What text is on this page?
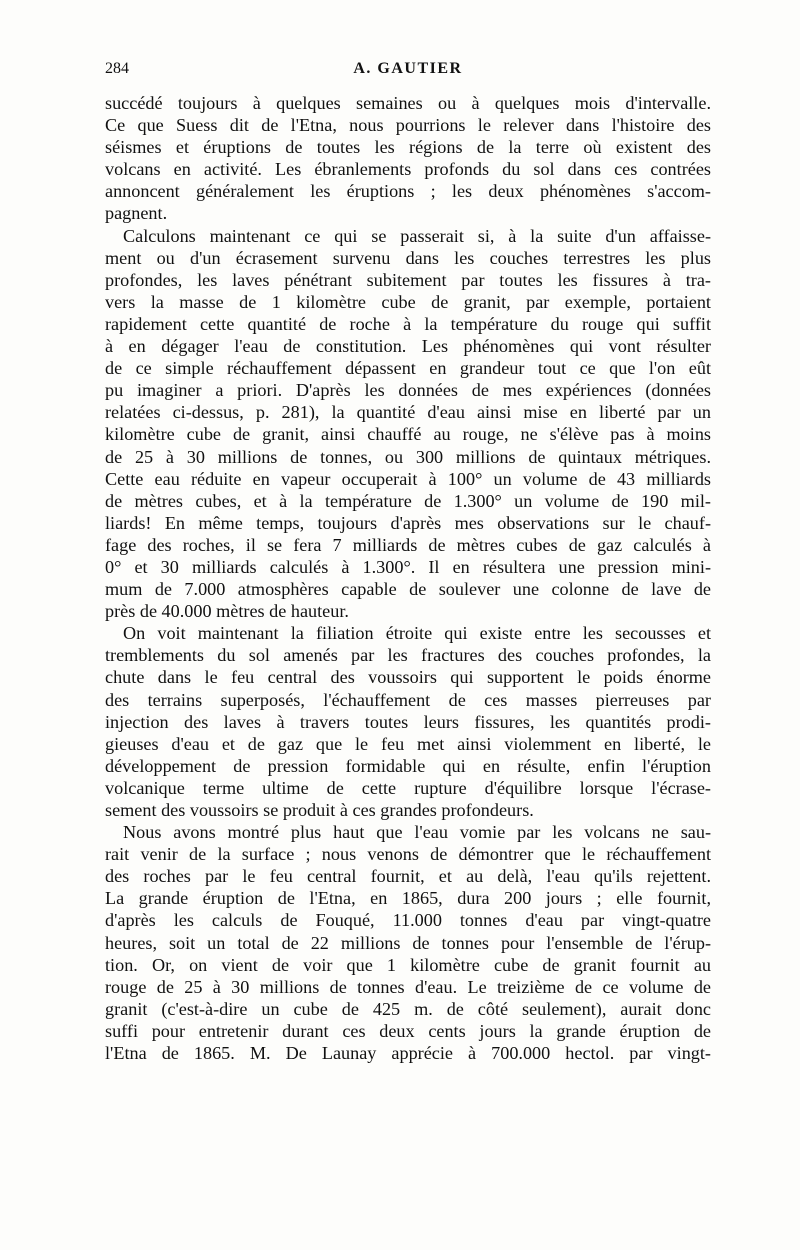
284	A. GAUTIER
succédé toujours à quelques semaines ou à quelques mois d'intervalle.
Ce que Suess dit de l'Etna, nous pourrions le relever dans l'histoire des
séismes et éruptions de toutes les régions de la terre où existent des
volcans en activité. Les ébranlements profonds du sol dans ces contrées
annoncent généralement les éruptions ; les deux phénomènes s'accom-
pagnent.
Calculons maintenant ce qui se passerait si, à la suite d'un affaisse-
ment ou d'un écrasement survenu dans les couches terrestres les plus
profondes, les laves pénétrant subitement par toutes les fissures à tra-
vers la masse de 1 kilomètre cube de granit, par exemple, portaient
rapidement cette quantité de roche à la température du rouge qui suffit
à en dégager l'eau de constitution. Les phénomènes qui vont résulter
de ce simple réchauffement dépassent en grandeur tout ce que l'on eût
pu imaginer a priori. D'après les données de mes expériences (données
relatées ci-dessus, p. 281), la quantité d'eau ainsi mise en liberté par un
kilomètre cube de granit, ainsi chauffé au rouge, ne s'élève pas à moins
de 25 à 30 millions de tonnes, ou 300 millions de quintaux métriques.
Cette eau réduite en vapeur occuperait à 100° un volume de 43 milliards
de mètres cubes, et à la température de 1.300° un volume de 190 mil-
liards! En même temps, toujours d'après mes observations sur le chauf-
fage des roches, il se fera 7 milliards de mètres cubes de gaz calculés à
0° et 30 milliards calculés à 1.300°. Il en résultera une pression mini-
mum de 7.000 atmosphères capable de soulever une colonne de lave de
près de 40.000 mètres de hauteur.
On voit maintenant la filiation étroite qui existe entre les secousses et
tremblements du sol amenés par les fractures des couches profondes, la
chute dans le feu central des voussoirs qui supportent le poids énorme
des terrains superposés, l'échauffement de ces masses pierreuses par
injection des laves à travers toutes leurs fissures, les quantités prodi-
gieuses d'eau et de gaz que le feu met ainsi violemment en liberté, le
développement de pression formidable qui en résulte, enfin l'éruption
volcanique terme ultime de cette rupture d'équilibre lorsque l'écrase-
sement des voussoirs se produit à ces grandes profondeurs.
Nous avons montré plus haut que l'eau vomie par les volcans ne sau-
rait venir de la surface ; nous venons de démontrer que le réchauffement
des roches par le feu central fournit, et au delà, l'eau qu'ils rejettent.
La grande éruption de l'Etna, en 1865, dura 200 jours ; elle fournit,
d'après les calculs de Fouqué, 11.000 tonnes d'eau par vingt-quatre
heures, soit un total de 22 millions de tonnes pour l'ensemble de l'érup-
tion. Or, on vient de voir que 1 kilomètre cube de granit fournit au
rouge de 25 à 30 millions de tonnes d'eau. Le treizième de ce volume de
granit (c'est-à-dire un cube de 425 m. de côté seulement), aurait donc
suffi pour entretenir durant ces deux cents jours la grande éruption de
l'Etna de 1865. M. De Launay apprécie à 700.000 hectol. par vingt-
